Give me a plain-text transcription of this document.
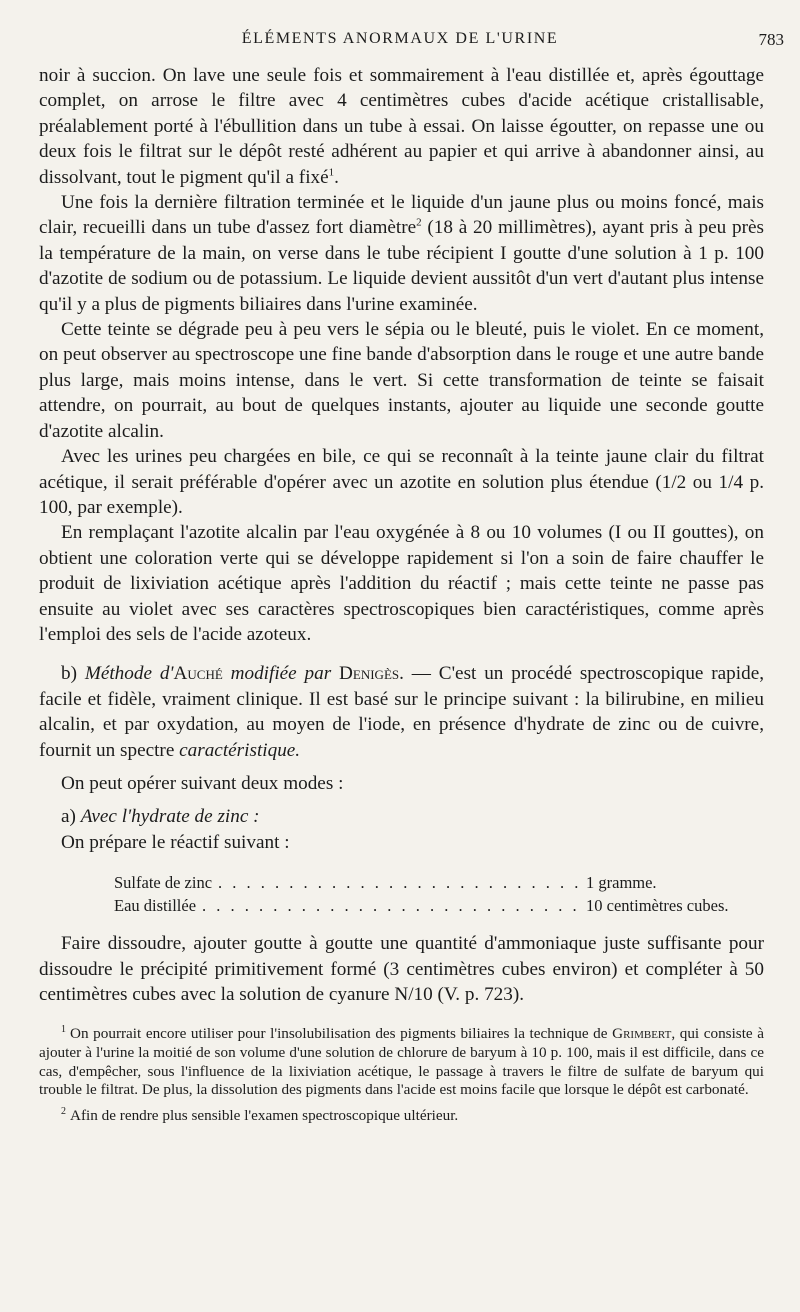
ÉLÉMENTS ANORMAUX DE L'URINE	783

noir à succion. On lave une seule fois et sommairement à l'eau distillée et, après égouttage complet, on arrose le filtre avec 4 centimètres cubes d'acide acétique cristallisable, préalablement porté à l'ébullition dans un tube à essai. On laisse égoutter, on repasse une ou deux fois le filtrat sur le dépôt resté adhérent au papier et qui arrive à abandonner ainsi, au dissolvant, tout le pigment qu'il a fixé$^1$.

Une fois la dernière filtration terminée et le liquide d'un jaune plus ou moins foncé, mais clair, recueilli dans un tube d'assez fort diamètre$^2$ (18 à 20 millimètres), ayant pris à peu près la température de la main, on verse dans le tube récipient I goutte d'une solution à 1 p. 100 d'azotite de sodium ou de potassium. Le liquide devient aussitôt d'un vert d'autant plus intense qu'il y a plus de pigments biliaires dans l'urine examinée.

Cette teinte se dégrade peu à peu vers le sépia ou le bleuté, puis le violet. En ce moment, on peut observer au spectroscope une fine bande d'absorption dans le rouge et une autre bande plus large, mais moins intense, dans le vert. Si cette transformation de teinte se faisait attendre, on pourrait, au bout de quelques instants, ajouter au liquide une seconde goutte d'azotite alcalin.

Avec les urines peu chargées en bile, ce qui se reconnaît à la teinte jaune clair du filtrat acétique, il serait préférable d'opérer avec un azotite en solution plus étendue (1/2 ou 1/4 p. 100, par exemple).

En remplaçant l'azotite alcalin par l'eau oxygénée à 8 ou 10 volumes (I ou II gouttes), on obtient une coloration verte qui se développe rapidement si l'on a soin de faire chauffer le produit de lixiviation acétique après l'addition du réactif ; mais cette teinte ne passe pas ensuite au violet avec ses caractères spectroscopiques bien caractéristiques, comme après l'emploi des sels de l'acide azoteux.

b) Méthode d'Auché modifiée par Denigès. — C'est un procédé spectroscopique rapide, facile et fidèle, vraiment clinique. Il est basé sur le principe suivant : la bilirubine, en milieu alcalin, et par oxydation, au moyen de l'iode, en présence d'hydrate de zinc ou de cuivre, fournit un spectre caractéristique.

On peut opérer suivant deux modes :

a) Avec l'hydrate de zinc :

On prépare le réactif suivant :

Sulfate de zinc . . .	1 gramme.
Eau distillée . . .	10 centimètres cubes.

Faire dissoudre, ajouter goutte à goutte une quantité d'ammoniaque juste suffisante pour dissoudre le précipité primitivement formé (3 centimètres cubes environ) et compléter à 50 centimètres cubes avec la solution de cyanure N/10 (V. p. 723).

$^1$ On pourrait encore utiliser pour l'insolubilisation des pigments biliaires la technique de Grimbert, qui consiste à ajouter à l'urine la moitié de son volume d'une solution de chlorure de baryum à 10 p. 100, mais il est difficile, dans ce cas, d'empêcher, sous l'influence de la lixiviation acétique, le passage à travers le filtre de sulfate de baryum qui trouble le filtrat. De plus, la dissolution des pigments dans l'acide est moins facile que lorsque le dépôt est carbonaté.

$^2$ Afin de rendre plus sensible l'examen spectroscopique ultérieur.
